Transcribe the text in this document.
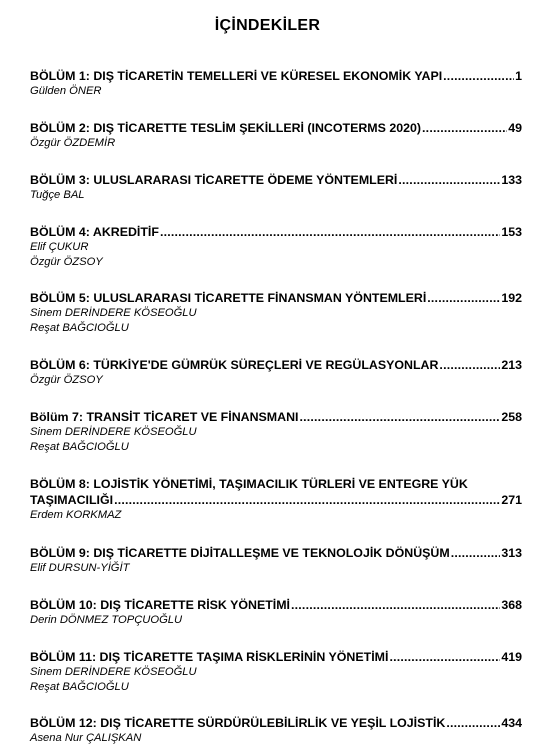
İÇİNDEKİLER
BÖLÜM 1: DIŞ TİCARETİN TEMELLERİ VE KÜRESEL EKONOMİK YAPI .....	1
Gülden ÖNER
BÖLÜM 2: DIŞ TİCARETTE TESLİM ŞEKİLLERİ (INCOTERMS 2020) .....	49
Özgür ÖZDEMİR
BÖLÜM 3: ULUSLARARASI TİCARETTE ÖDEME YÖNTEMLERİ .....	133
Tuğçe BAL
BÖLÜM 4: AKREDİTİF .....	153
Elif ÇUKUR
Özgür ÖZSOY
BÖLÜM 5: ULUSLARARASI TİCARETTE FİNANSMAN YÖNTEMLERİ .....	192
Sinem DERİNDERE KÖSEOĞLU
Reşat BAĞCIOĞLU
BÖLÜM 6: TÜRKİYE'DE GÜMRÜK SÜREÇLERİ VE REGÜLASYONLAR .....	213
Özgür ÖZSOY
Bölüm 7: TRANSİT TİCARET VE FİNANSMANI .....	258
Sinem DERİNDERE KÖSEOĞLU
Reşat BAĞCIOĞLU
BÖLÜM 8: LOJİSTİK YÖNETİMİ, TAŞIMACILIK TÜRLERİ VE ENTEGRE YÜK
TAŞIMACILIĞI .....	271
Erdem KORKMAZ
BÖLÜM 9: DIŞ TİCARETTE DİJİTALLEŞME VE TEKNOLOJİK DÖNÜŞÜM .....	313
Elif DURSUN-YİĞİT
BÖLÜM 10: DIŞ TİCARETTE RİSK YÖNETİMİ .....	368
Derin DÖNMEZ TOPÇUOĞLU
BÖLÜM 11: DIŞ TİCARETTE TAŞIMA RİSKLERİNİN YÖNETİMİ .....	419
Sinem DERİNDERE KÖSEOĞLU
Reşat BAĞCIOĞLU
BÖLÜM 12: DIŞ TİCARETTE SÜRDÜRÜLEBİLİRLİK VE YEŞİL LOJİSTİK .....	434
Asena Nur ÇALIŞKAN
